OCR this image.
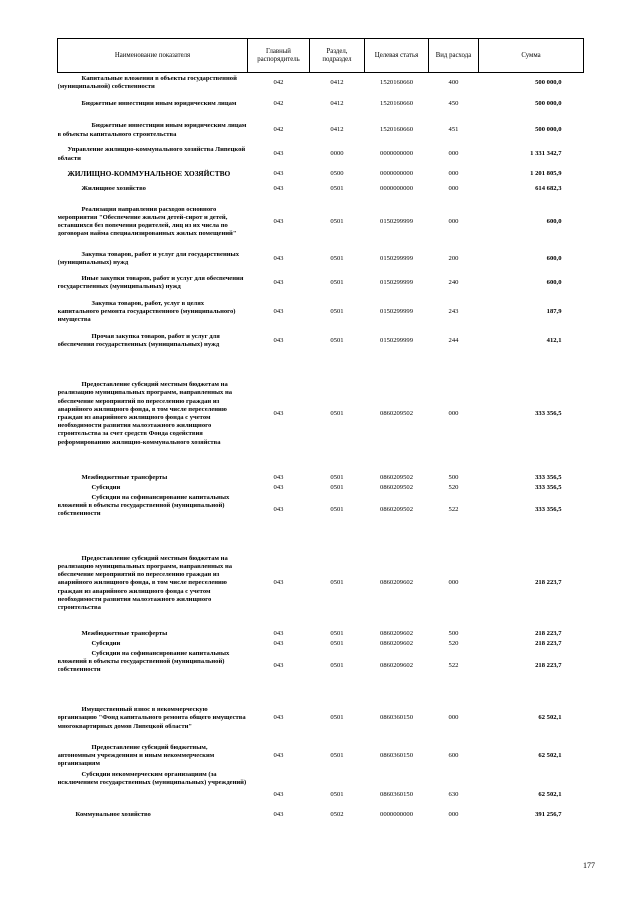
Наименование показателя	Главный распорядитель	Раздел, подраздел	Целевая статья	Вид расхода	Сумма

Капитальные вложения в объекты государственной (муниципальной) собственности	042	0412	1520160660	400	500 000,0

Бюджетные инвестиции иным юридическим лицам	042	0412	1520160660	450	500 000,0

Бюджетные инвестиции иным юридическим лицам в объекты капитального строительства	042	0412	1520160660	451	500 000,0

Управление жилищно-коммунального хозяйства Липецкой области	043	0000	0000000000	000	1 331 342,7

ЖИЛИЩНО-КОММУНАЛЬНОЕ ХОЗЯЙСТВО	043	0500	0000000000	000	1 201 805,9

Жилищное хозяйство	043	0501	0000000000	000	614 682,3

Реализация направления расходов основного мероприятия "Обеспечение жильем детей-сирот и детей, оставшихся без попечения родителей, лиц из их числа по договорам найма специализированных жилых помещений"	043	0501	0150299999	000	600,0

Закупка товаров, работ и услуг для государственных (муниципальных) нужд	043	0501	0150299999	200	600,0

Иные закупки товаров, работ и услуг для обеспечения государственных (муниципальных) нужд	043	0501	0150299999	240	600,0

Закупка товаров, работ, услуг в целях капитального ремонта государственного (муниципального) имущества	043	0501	0150299999	243	187,9

Прочая закупка товаров, работ и услуг для обеспечения государственных (муниципальных) нужд	043	0501	0150299999	244	412,1

Предоставление субсидий местным бюджетам на реализацию муниципальных программ, направленных на обеспечение мероприятий по переселению граждан из аварийного жилищного фонда, в том числе переселению граждан из аварийного жилищного фонда с учетом необходимости развития малоэтажного жилищного строительства за счет средств Фонда содействия реформированию жилищно-коммунального хозяйства	043	0501	0860209502	000	333 356,5

Межбюджетные трансферты	043	0501	0860209502	500	333 356,5

Субсидии	043	0501	0860209502	520	333 356,5

Субсидии на софинансирование капитальных вложений в объекты государственной (муниципальной) собственности	043	0501	0860209502	522	333 356,5

Предоставление субсидий местным бюджетам на реализацию муниципальных программ, направленных на обеспечение мероприятий по переселению граждан из аварийного жилищного фонда, в том числе переселению граждан из аварийного жилищного фонда с учетом необходимости развития малоэтажного жилищного строительства	043	0501	0860209602	000	218 223,7

Межбюджетные трансферты	043	0501	0860209602	500	218 223,7

Субсидии	043	0501	0860209602	520	218 223,7

Субсидии на софинансирование капитальных вложений в объекты государственной (муниципальной) собственности	043	0501	0860209602	522	218 223,7

Имущественный взнос в некоммерческую организацию "Фонд капитального ремонта общего имущества многоквартирных домов Липецкой области"	043	0501	0860360150	000	62 502,1

Предоставление субсидий бюджетным, автономным учреждениям и иным некоммерческим организациям	043	0501	0860360150	600	62 502,1

Субсидии некоммерческим организациям (за исключением государственных (муниципальных) учреждений)	043	0501	0860360150	630	62 502,1

Коммунальное хозяйство	043	0502	0000000000	000	391 256,7
177
